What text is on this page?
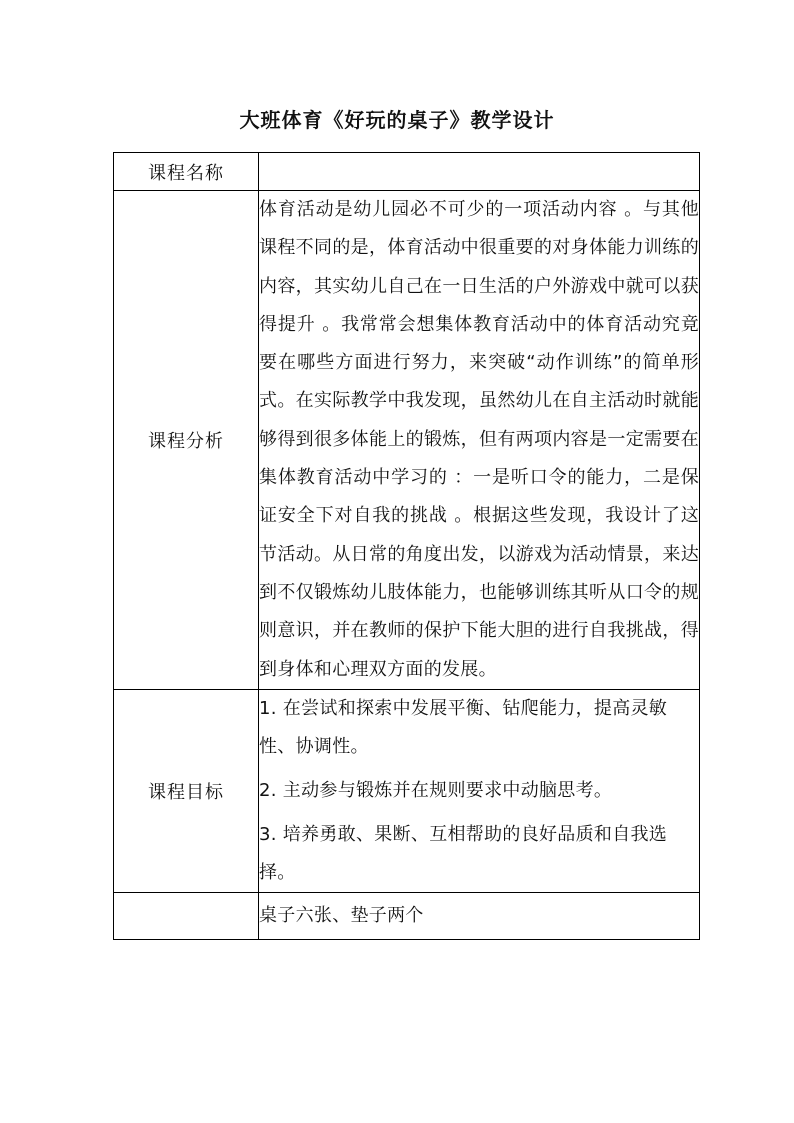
大班体育《好玩的桌子》教学设计
课程名称	
课程分析	体育活动是幼儿园必不可少的一项活动内容 。与其他课程不同的是，体育活动中很重要的对身体能力训练的内容，其实幼儿自己在一日生活的户外游戏中就可以获得提升 。我常常会想集体教育活动中的体育活动究竟要在哪些方面进行努力，来突破“动作训练”的简单形式。在实际教学中我发现，虽然幼儿在自主活动时就能够得到很多体能上的锻炼，但有两项内容是一定需要在集体教育活动中学习的 ：一是听口令的能力，二是保证安全下对自我的挑战 。根据这些发现，我设计了这节活动。从日常的角度出发，以游戏为活动情景，来达到不仅锻炼幼儿肢体能力，也能够训练其听从口令的规则意识，并在教师的保护下能大胆的进行自我挑战，得到身体和心理双方面的发展。

课程目标	1. 在尝试和探索中发展平衡、钻爬能力，提高灵敏性、协调性。
2. 主动参与锻炼并在规则要求中动脑思考。
3. 培养勇敢、果断、互相帮助的良好品质和自我选择。

	桌子六张、垫子两个
